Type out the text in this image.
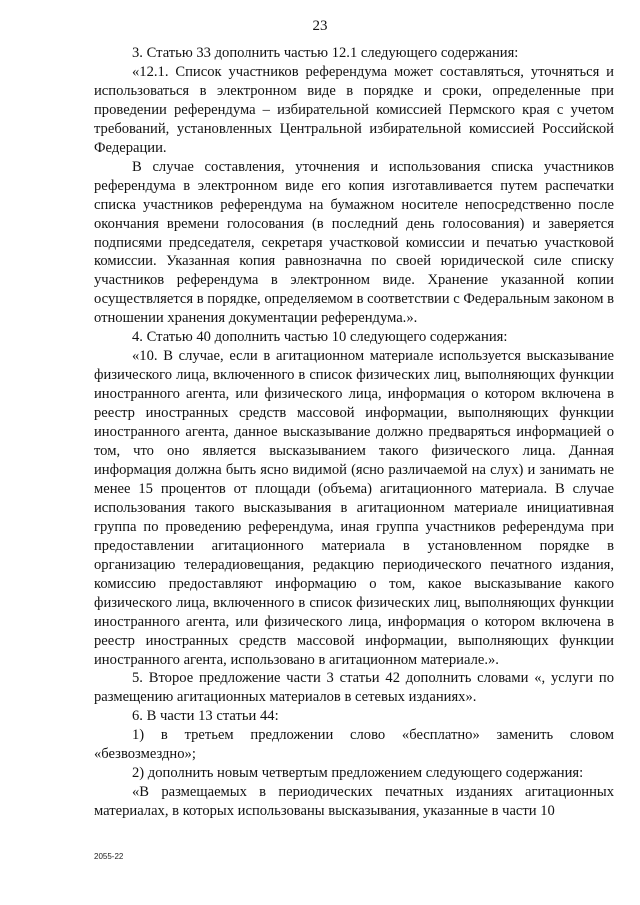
23

3. Статью 33 дополнить частью 12.1 следующего содержания:

«12.1. Список участников референдума может составляться, уточняться и использоваться в электронном виде в порядке и сроки, определенные при проведении референдума – избирательной комиссией Пермского края с учетом требований, установленных Центральной избирательной комиссией Российской Федерации.

В случае составления, уточнения и использования списка участников референдума в электронном виде его копия изготавливается путем распечатки списка участников референдума на бумажном носителе непосредственно после окончания времени голосования (в последний день голосования) и заверяется подписями председателя, секретаря участковой комиссии и печатью участковой комиссии. Указанная копия равнозначна по своей юридической силе списку участников референдума в электронном виде. Хранение указанной копии осуществляется в порядке, определяемом в соответствии с Федеральным законом в отношении хранения документации референдума.».

4. Статью 40 дополнить частью 10 следующего содержания:

«10. В случае, если в агитационном материале используется высказывание физического лица, включенного в список физических лиц, выполняющих функции иностранного агента, или физического лица, информация о котором включена в реестр иностранных средств массовой информации, выполняющих функции иностранного агента, данное высказывание должно предваряться информацией о том, что оно является высказыванием такого физического лица. Данная информация должна быть ясно видимой (ясно различаемой на слух) и занимать не менее 15 процентов от площади (объема) агитационного материала. В случае использования такого высказывания в агитационном материале инициативная группа по проведению референдума, иная группа участников референдума при предоставлении агитационного материала в установленном порядке в организацию телерадиовещания, редакцию периодического печатного издания, комиссию предоставляют информацию о том, какое высказывание какого физического лица, включенного в список физических лиц, выполняющих функции иностранного агента, или физического лица, информация о котором включена в реестр иностранных средств массовой информации, выполняющих функции иностранного агента, использовано в агитационном материале.».

5. Второе предложение части 3 статьи 42 дополнить словами «, услуги по размещению агитационных материалов в сетевых изданиях».

6. В части 13 статьи 44:

1) в третьем предложении слово «бесплатно» заменить словом «безвозмездно»;

2) дополнить новым четвертым предложением следующего содержания:

«В размещаемых в периодических печатных изданиях агитационных материалах, в которых использованы высказывания, указанные в части 10

2055-22
